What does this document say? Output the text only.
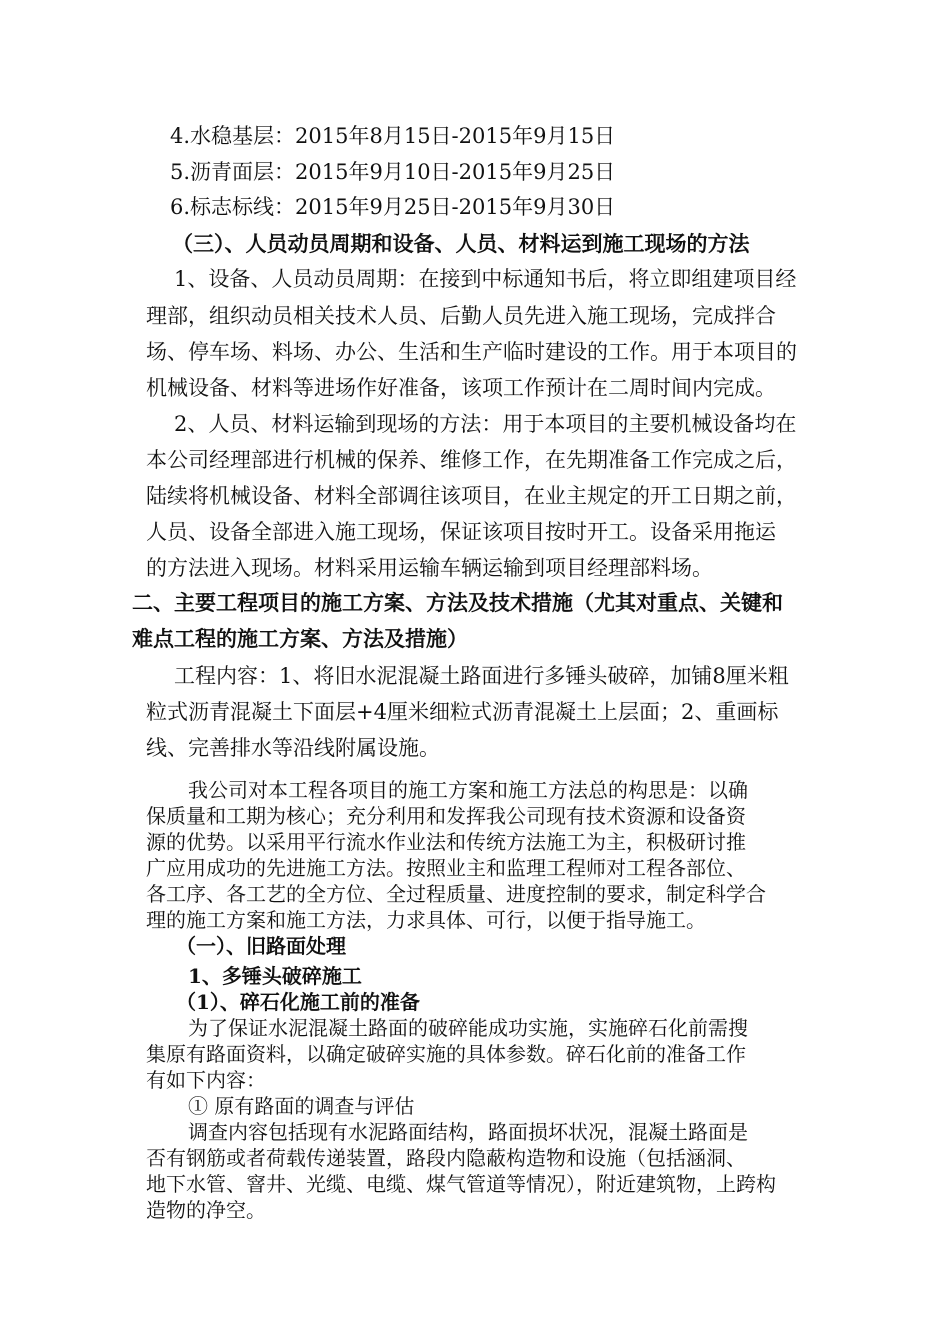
4.水稳基层：2015年8月15日-2015年9月15日
5.沥青面层：2015年9月10日-2015年9月25日
6.标志标线：2015年9月25日-2015年9月30日
（三）、人员动员周期和设备、人员、材料运到施工现场的方法
1、设备、人员动员周期：在接到中标通知书后，将立即组建项目经
理部，组织动员相关技术人员、后勤人员先进入施工现场，完成拌合
场、停车场、料场、办公、生活和生产临时建设的工作。用于本项目的
机械设备、材料等进场作好准备，该项工作预计在二周时间内完成。
2、人员、材料运输到现场的方法：用于本项目的主要机械设备均在
本公司经理部进行机械的保养、维修工作，在先期准备工作完成之后，
陆续将机械设备、材料全部调往该项目，在业主规定的开工日期之前，
人员、设备全部进入施工现场，保证该项目按时开工。设备采用拖运
的方法进入现场。材料采用运输车辆运输到项目经理部料场。
二、主要工程项目的施工方案、方法及技术措施（尤其对重点、关键和
难点工程的施工方案、方法及措施）
工程内容：1、将旧水泥混凝土路面进行多锤头破碎，加铺8厘米粗
粒式沥青混凝土下面层+4厘米细粒式沥青混凝土上层面；2、重画标
线、完善排水等沿线附属设施。
我公司对本工程各项目的施工方案和施工方法总的构思是：以确
保质量和工期为核心；充分利用和发挥我公司现有技术资源和设备资
源的优势。以采用平行流水作业法和传统方法施工为主，积极研讨推
广应用成功的先进施工方法。按照业主和监理工程师对工程各部位、
各工序、各工艺的全方位、全过程质量、进度控制的要求，制定科学合
理的施工方案和施工方法，力求具体、可行，以便于指导施工。
（一）、旧路面处理
1、多锤头破碎施工
（1）、碎石化施工前的准备
为了保证水泥混凝土路面的破碎能成功实施，实施碎石化前需搜
集原有路面资料，以确定破碎实施的具体参数。碎石化前的准备工作
有如下内容：
① 原有路面的调查与评估
调查内容包括现有水泥路面结构，路面损坏状况，混凝土路面是
否有钢筋或者荷载传递装置，路段内隐蔽构造物和设施（包括涵洞、
地下水管、窨井、光缆、电缆、煤气管道等情况），附近建筑物，上跨构
造物的净空。
